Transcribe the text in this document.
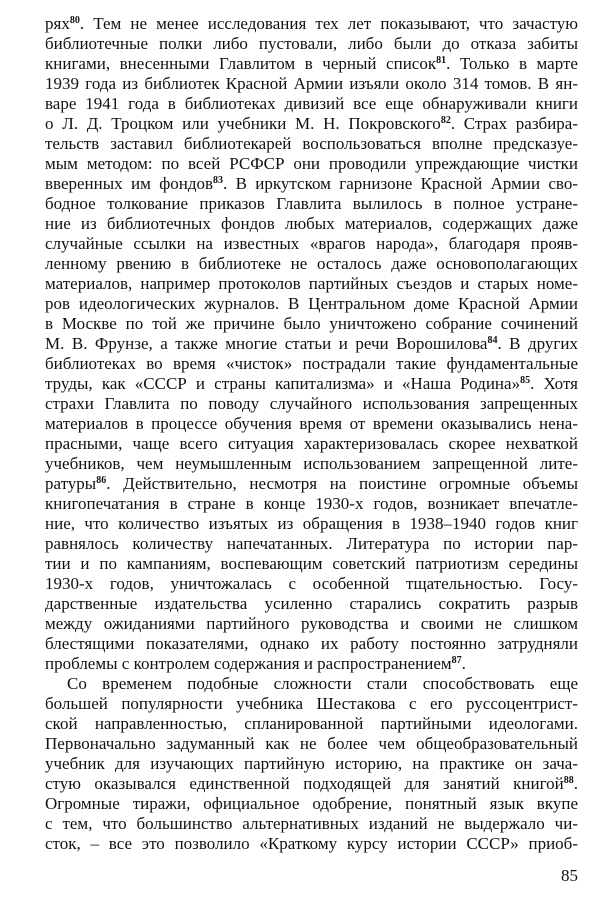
ряx$^{80}$. Тем не менее исследования тех лет показывают, что зачастую
библиотечные полки либо пустовали, либо были до отказа забиты
книгами, внесенными Главлитом в черный список$^{81}$. Только в марте
1939 года из библиотек Красной Армии изъяли около 314 томов. В ян-
варе 1941 года в библиотеках дивизий все еще обнаруживали книги
о Л. Д. Троцком или учебники М. Н. Покровского$^{82}$. Страх разбира-
тельств заставил библиотекарей воспользоваться вполне предсказуе-
мым методом: по всей РСФСР они проводили упреждающие чистки
вверенных им фондов$^{83}$. В иркутском гарнизоне Красной Армии сво-
бодное толкование приказов Главлита вылилось в полное устране-
ние из библиотечных фондов любых материалов, содержащих даже
случайные ссылки на известных «врагов народа», благодаря прояв-
ленному рвению в библиотеке не осталось даже основополагающих
материалов, например протоколов партийных съездов и старых номе-
ров идеологических журналов. В Центральном доме Красной Армии
в Москве по той же причине было уничтожено собрание сочинений
М. В. Фрунзе, а также многие статьи и речи Ворошилова$^{84}$. В других
библиотеках во время «чисток» пострадали такие фундаментальные
труды, как «СССР и страны капитализма» и «Наша Родина»$^{85}$. Хотя
страхи Главлита по поводу случайного использования запрещенных
материалов в процессе обучения время от времени оказывались нена-
прасными, чаще всего ситуация характеризовалась скорее нехваткой
учебников, чем неумышленным использованием запрещенной лите-
ратуры$^{86}$. Действительно, несмотря на поистине огромные объемы
книгопечатания в стране в конце 1930-х годов, возникает впечатле-
ние, что количество изъятых из обращения в 1938–1940 годов книг
равнялось количеству напечатанных. Литература по истории пар-
тии и по кампаниям, воспевающим советский патриотизм середины
1930-х годов, уничтожалась с особенной тщательностью. Госу-
дарственные издательства усиленно старались сократить разрыв
между ожиданиями партийного руководства и своими не слишком
блестящими показателями, однако их работу постоянно затрудняли
проблемы с контролем содержания и распространением$^{87}$.
Со временем подобные сложности стали способствовать еще
большей популярности учебника Шестакова с его руссоцентрист-
ской направленностью, спланированной партийными идеологами.
Первоначально задуманный как не более чем общеобразовательный
учебник для изучающих партийную историю, на практике он зача-
стую оказывался единственной подходящей для занятий книгой$^{88}$.
Огромные тиражи, официальное одобрение, понятный язык вкупе
с тем, что большинство альтернативных изданий не выдержало чи-
сток, – все это позволило «Краткому курсу истории СССР» приоб-
85
